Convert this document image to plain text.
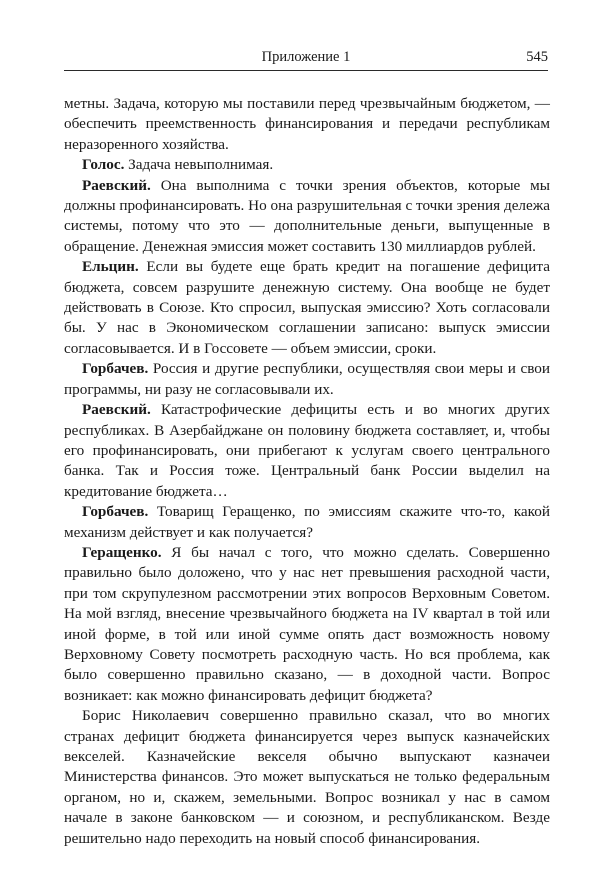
Приложение 1	545

метны. Задача, которую мы поставили перед чрезвычайным бюджетом, — обеспечить преемственность финансирования и передачи республикам неразоренного хозяйства.

Голос. Задача невыполнимая.

Раевский. Она выполнима с точки зрения объектов, которые мы должны профинансировать. Но она разрушительная с точки зрения дележа системы, потому что это — дополнительные деньги, выпущенные в обращение. Денежная эмиссия может составить 130 миллиардов рублей.

Ельцин. Если вы будете еще брать кредит на погашение дефицита бюджета, совсем разрушите денежную систему. Она вообще не будет действовать в Союзе. Кто спросил, выпуская эмиссию? Хоть согласовали бы. У нас в Экономическом соглашении записано: выпуск эмиссии согласовывается. И в Госсовете — объем эмиссии, сроки.

Горбачев. Россия и другие республики, осуществляя свои меры и свои программы, ни разу не согласовывали их.

Раевский. Катастрофические дефициты есть и во многих других республиках. В Азербайджане он половину бюджета составляет, и, чтобы его профинансировать, они прибегают к услугам своего центрального банка. Так и Россия тоже. Центральный банк России выделил на кредитование бюджета…

Горбачев. Товарищ Геращенко, по эмиссиям скажите что-то, какой механизм действует и как получается?

Геращенко. Я бы начал с того, что можно сделать. Совершенно правильно было доложено, что у нас нет превышения расходной части, при том скрупулезном рассмотрении этих вопросов Верховным Советом. На мой взгляд, внесение чрезвычайного бюджета на IV квартал в той или иной форме, в той или иной сумме опять даст возможность новому Верховному Совету посмотреть расходную часть. Но вся проблема, как было совершенно правильно сказано, — в доходной части. Вопрос возникает: как можно финансировать дефицит бюджета?

Борис Николаевич совершенно правильно сказал, что во многих странах дефицит бюджета финансируется через выпуск казначейских векселей. Казначейские векселя обычно выпускают казначеи Министерства финансов. Это может выпускаться не только федеральным органом, но и, скажем, земельными. Вопрос возникал у нас в самом начале в законе банковском — и союзном, и республиканском. Везде решительно надо переходить на новый способ финансирования.
